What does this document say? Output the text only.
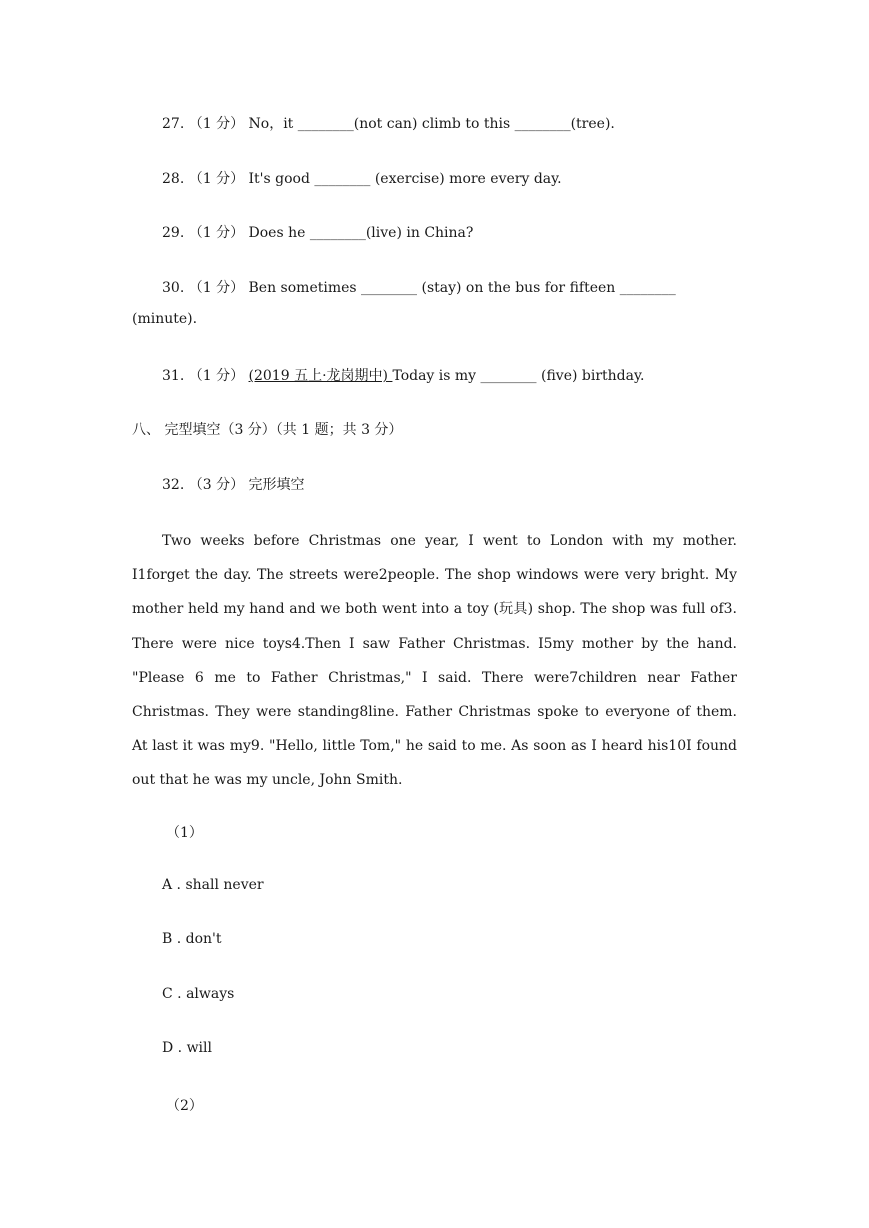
27. （1 分） No，it ________(not can) climb to this ________(tree).
28. （1 分） It's good ________ (exercise) more every day.
29. （1 分） Does he ________(live) in China?
30. （1 分） Ben sometimes ________ (stay) on the bus for fifteen ________
(minute).
31. （1 分） (2019 五上·龙岗期中) Today is my ________ (five) birthday.
八、 完型填空（3 分）（共 1 题；共 3 分）
32. （3 分） 完形填空
Two weeks before Christmas one year, I went to London with my mother. I1forget the day. The streets were2people. The shop windows were very bright. My mother held my hand and we both went into a toy (玩具) shop. The shop was full of3. There were nice toys4.Then I saw Father Christmas. I5my mother by the hand. "Please 6 me to Father Christmas," I said. There were7children near Father Christmas. They were standing8line. Father Christmas spoke to everyone of them. At last it was my9. "Hello, little Tom," he said to me. As soon as I heard his10I found out that he was my uncle, John Smith.
（1）
A . shall never
B . don't
C . always
D . will
（2）
